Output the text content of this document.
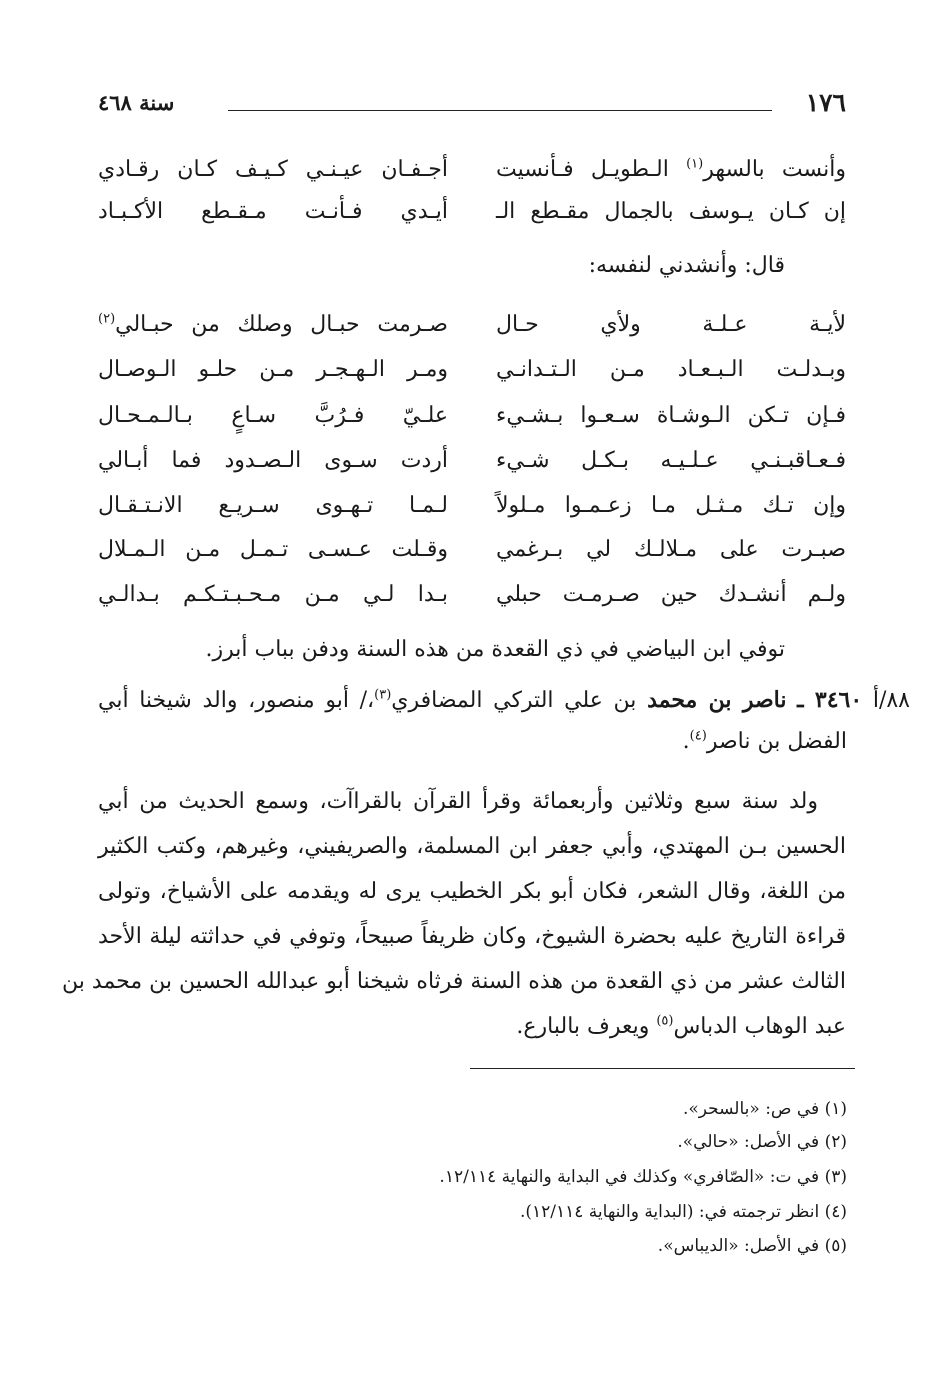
١٧٦
سنة ٤٦٨
وأنست بالسهر$^{(١)}$ الـطويـل فـأنسيت
أجـفـان عيـنـي كـيـف كـان رقـادي
إن كـان يـوسف بالجمال مقـطع الـ
أيـدي فـأنـت مـقـطع الأكـبـاد
قال: وأنشدني لنفسه:
لأيـة عـلـة ولأي حـال
صـرمت حبـال وصلك من حبـالي$^{(٢)}$
وبـدلـت الـبـعـاد مـن الـتـدانـي
ومـر الـهـجـر مـن حلـو الـوصـال
فـإن تـكن الـوشـاة سـعـوا بـشـيء
علـيّ فـرُبَّ سـاعٍ بـالـمـحـال
فـعـاقبـنـي عـلـيـه بـكـل شـيء
أردت سـوى الـصـدود فما أبـالي
وإن تـك مـثـل مـا زعـمـوا مـلولاً
لـمـا تـهـوى سـريـع الانـتـقـال
صبـرت على مـلالـك لي بـرغمي
وقـلت عـسـى تـمـل مـن الـمـلال
ولـم أنشـدك حين صـرمـت حبلي
بـدا لـي مـن مـحـبـتـكـم بـدالـي
توفي ابن البياضي في ذي القعدة من هذه السنة ودفن بباب أبرز.
٨٨/أ ٣٤٦٠ ـ ناصر بن محمد بن علي التركي المضافري$^{(٣)}$،/ أبو منصور، والد شيخنا أبي
الفضل بن ناصر$^{(٤)}$.
ولد سنة سبع وثلاثين وأربعمائة وقرأ القرآن بالقراآت، وسمع الحديث من أبي
الحسين بـن المهتدي، وأبي جعفر ابن المسلمة، والصريفيني، وغيرهم، وكتب الكثير
من اللغة، وقال الشعر، فكان أبو بكر الخطيب يرى له ويقدمه على الأشياخ، وتولى
قراءة التاريخ عليه بحضرة الشيوخ، وكان ظريفاً صبيحاً، وتوفي في حداثته ليلة الأحد
الثالث عشر من ذي القعدة من هذه السنة فرثاه شيخنا أبو عبدالله الحسين بن محمد بن
عبد الوهاب الدباس$^{(٥)}$ ويعرف بالبارع.
(١) في ص: «بالسحر».
(٢) في الأصل: «حالي».
(٣) في ت: «الصّافري» وكذلك في البداية والنهاية ١٢/١١٤.
(٤) انظر ترجمته في: (البداية والنهاية ١٢/١١٤).
(٥) في الأصل: «الديباس».
